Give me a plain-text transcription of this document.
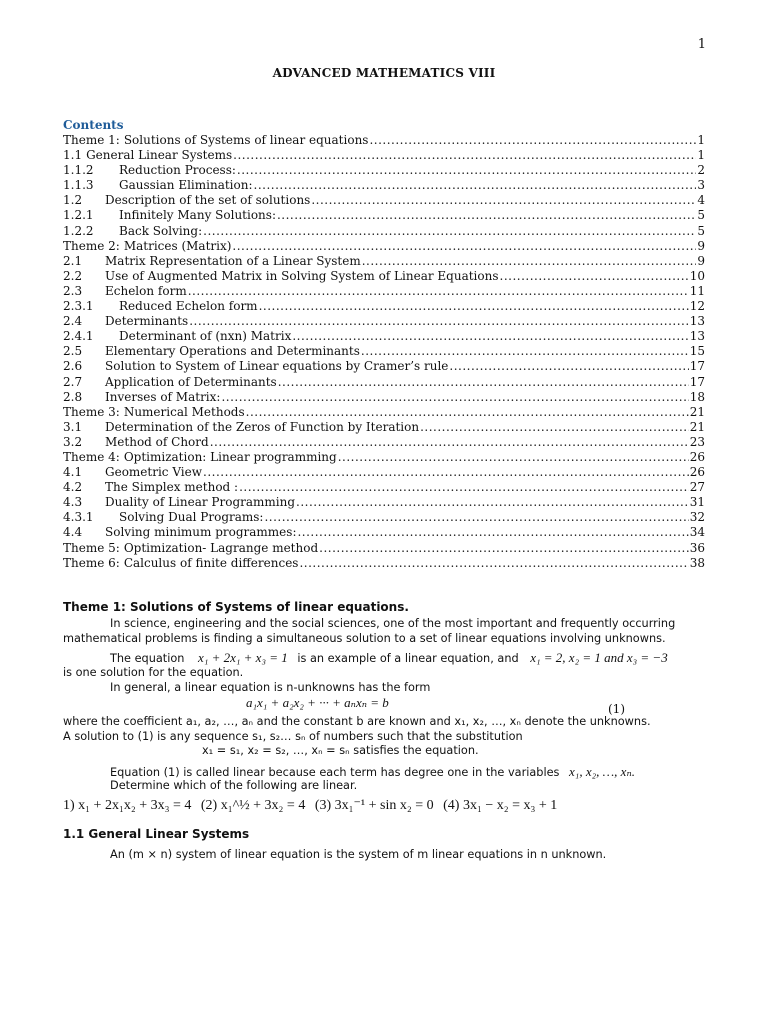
1
ADVANCED MATHEMATICS VIII
Contents
Theme 1: Solutions of Systems of linear equations .....	1
1.1 General Linear Systems .....	1
1.1.2	Reduction Process: .....	2
1.1.3	Gaussian Elimination: .....	3
1.2	Description of the set of solutions .....	4
1.2.1	Infinitely Many Solutions: .....	5
1.2.2	Back Solving: .....	5
Theme 2: Matrices (Matrix) .....	9
2.1	Matrix Representation of a Linear System .....	9
2.2	Use of Augmented Matrix in Solving System of Linear Equations .....	10
2.3	Echelon form .....	11
2.3.1	Reduced Echelon form .....	12
2.4	Determinants .....	13
2.4.1	Determinant of (nxn) Matrix .....	13
2.5	Elementary Operations and Determinants .....	15
2.6	Solution to System of Linear equations by Cramer’s rule .....	17
2.7	Application of Determinants .....	17
2.8	Inverses of Matrix: .....	18
Theme 3: Numerical Methods .....	21
3.1	Determination of the Zeros of Function by Iteration .....	21
3.2	Method of Chord .....	23
Theme 4: Optimization: Linear programming .....	26
4.1	Geometric View .....	26
4.2	The Simplex method : .....	27
4.3	Duality of Linear Programming .....	31
4.3.1	Solving Dual Programs: .....	32
4.4	Solving minimum programmes: .....	34
Theme 5: Optimization- Lagrange method .....	36
Theme 6: Calculus of finite differences .....	38
Theme 1: Solutions of Systems of linear equations.
In science, engineering and the social sciences, one of the most important and frequently occurring mathematical problems is finding a simultaneous solution to a set of linear equations involving unknowns.
The equation x₁ + 2x₁ + x₃ = 1 is an example of a linear equation, and x₁ = 2, x₂ = 1 and x₃ = −3
is one solution for the equation.
In general, a linear equation is n-unknowns has the form
a₁x₁ + a₂x₂ + ··· + aₙxₙ = b	(1)
where the coefficient a₁, a₂, …, aₙ and the constant b are known and x₁, x₂, …, xₙ denote the unknowns.
A solution to (1) is any sequence s₁, s₂… sₙ of numbers such that the substitution
x₁ = s₁, x₂ = s₂, …, xₙ = sₙ satisfies the equation.
Equation (1) is called linear because each term has degree one in the variables x₁, x₂, …, xₙ.
Determine which of the following are linear.
1) x₁ + 2x₁x₂ + 3x₃ = 4 (2) x₁^½ + 3x₂ = 4 (3) 3x₁⁻¹ + sin x₂ = 0 (4) 3x₁ − x₂ = x₃ + 1
1.1 General Linear Systems
An (m × n) system of linear equation is the system of m linear equations in n unknown.
